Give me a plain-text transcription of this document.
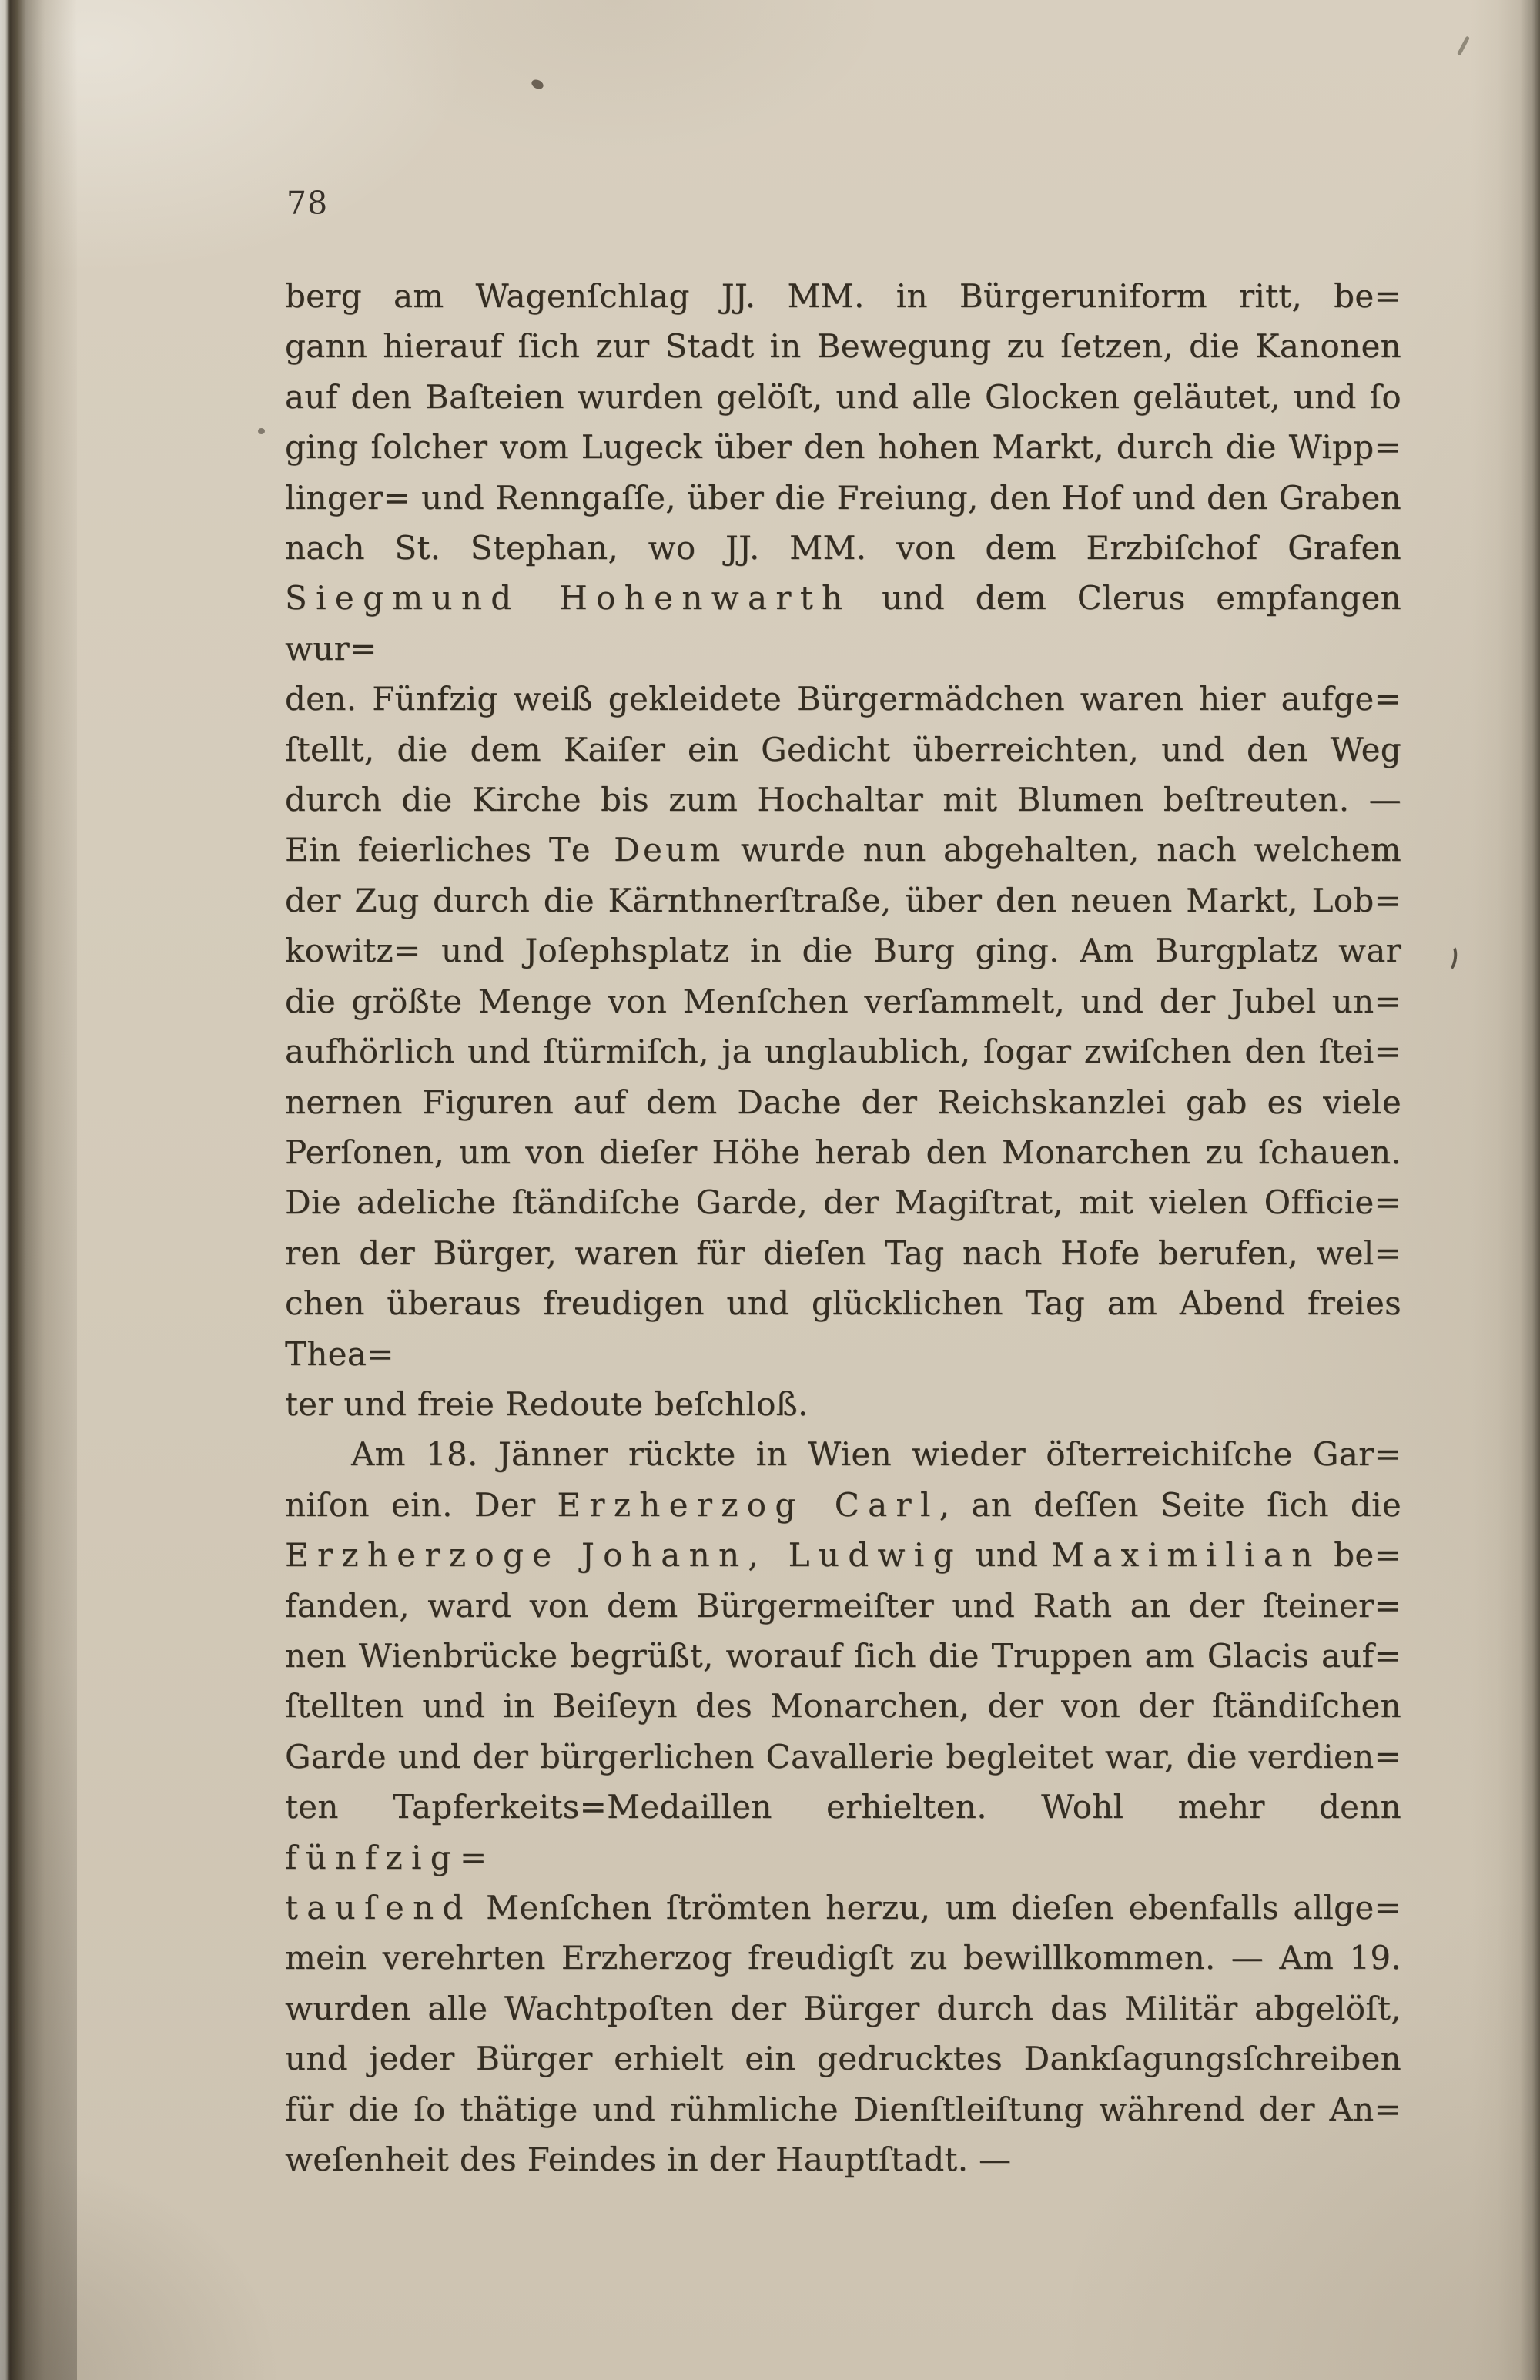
78
berg am Wagenſchlag JJ. MM. in Bürgeruniform ritt, be=
gann hierauf ſich zur Stadt in Bewegung zu ſetzen, die Kanonen
auf den Baſteien wurden gelöſt, und alle Glocken geläutet, und ſo
ging ſolcher vom Lugeck über den hohen Markt, durch die Wipp=
linger= und Renngaſſe, über die Freiung, den Hof und den Graben
nach St. Stephan, wo JJ. MM. von dem Erzbiſchof Grafen
Siegmund Hohenwarth und dem Clerus empfangen wur=
den. Fünfzig weiß gekleidete Bürgermädchen waren hier aufge=
ſtellt, die dem Kaiſer ein Gedicht überreichten, und den Weg
durch die Kirche bis zum Hochaltar mit Blumen beſtreuten. —
Ein feierliches Te Deum wurde nun abgehalten, nach welchem
der Zug durch die Kärnthnerſtraße, über den neuen Markt, Lob=
kowitz= und Joſephsplatz in die Burg ging. Am Burgplatz war
die größte Menge von Menſchen verſammelt, und der Jubel un=
aufhörlich und ſtürmiſch, ja unglaublich, ſogar zwiſchen den ſtei=
nernen Figuren auf dem Dache der Reichskanzlei gab es viele
Perſonen, um von dieſer Höhe herab den Monarchen zu ſchauen.
Die adeliche ſtändiſche Garde, der Magiſtrat, mit vielen Officie=
ren der Bürger, waren für dieſen Tag nach Hofe berufen, wel=
chen überaus freudigen und glücklichen Tag am Abend freies Thea=
ter und freie Redoute beſchloß.
Am 18. Jänner rückte in Wien wieder öſterreichiſche Gar=
niſon ein. Der Erzherzog Carl, an deſſen Seite ſich die
Erzherzoge Johann, Ludwig und Maximilian be=
fanden, ward von dem Bürgermeiſter und Rath an der ſteiner=
nen Wienbrücke begrüßt, worauf ſich die Truppen am Glacis auf=
ſtellten und in Beiſeyn des Monarchen, der von der ſtändiſchen
Garde und der bürgerlichen Cavallerie begleitet war, die verdien=
ten Tapferkeits=Medaillen erhielten. Wohl mehr denn fünfzig=
tauſend Menſchen ſtrömten herzu, um dieſen ebenfalls allge=
mein verehrten Erzherzog freudigſt zu bewillkommen. — Am 19.
wurden alle Wachtpoſten der Bürger durch das Militär abgelöſt,
und jeder Bürger erhielt ein gedrucktes Dankſagungsſchreiben
für die ſo thätige und rühmliche Dienſtleiſtung während der An=
weſenheit des Feindes in der Hauptſtadt. —
